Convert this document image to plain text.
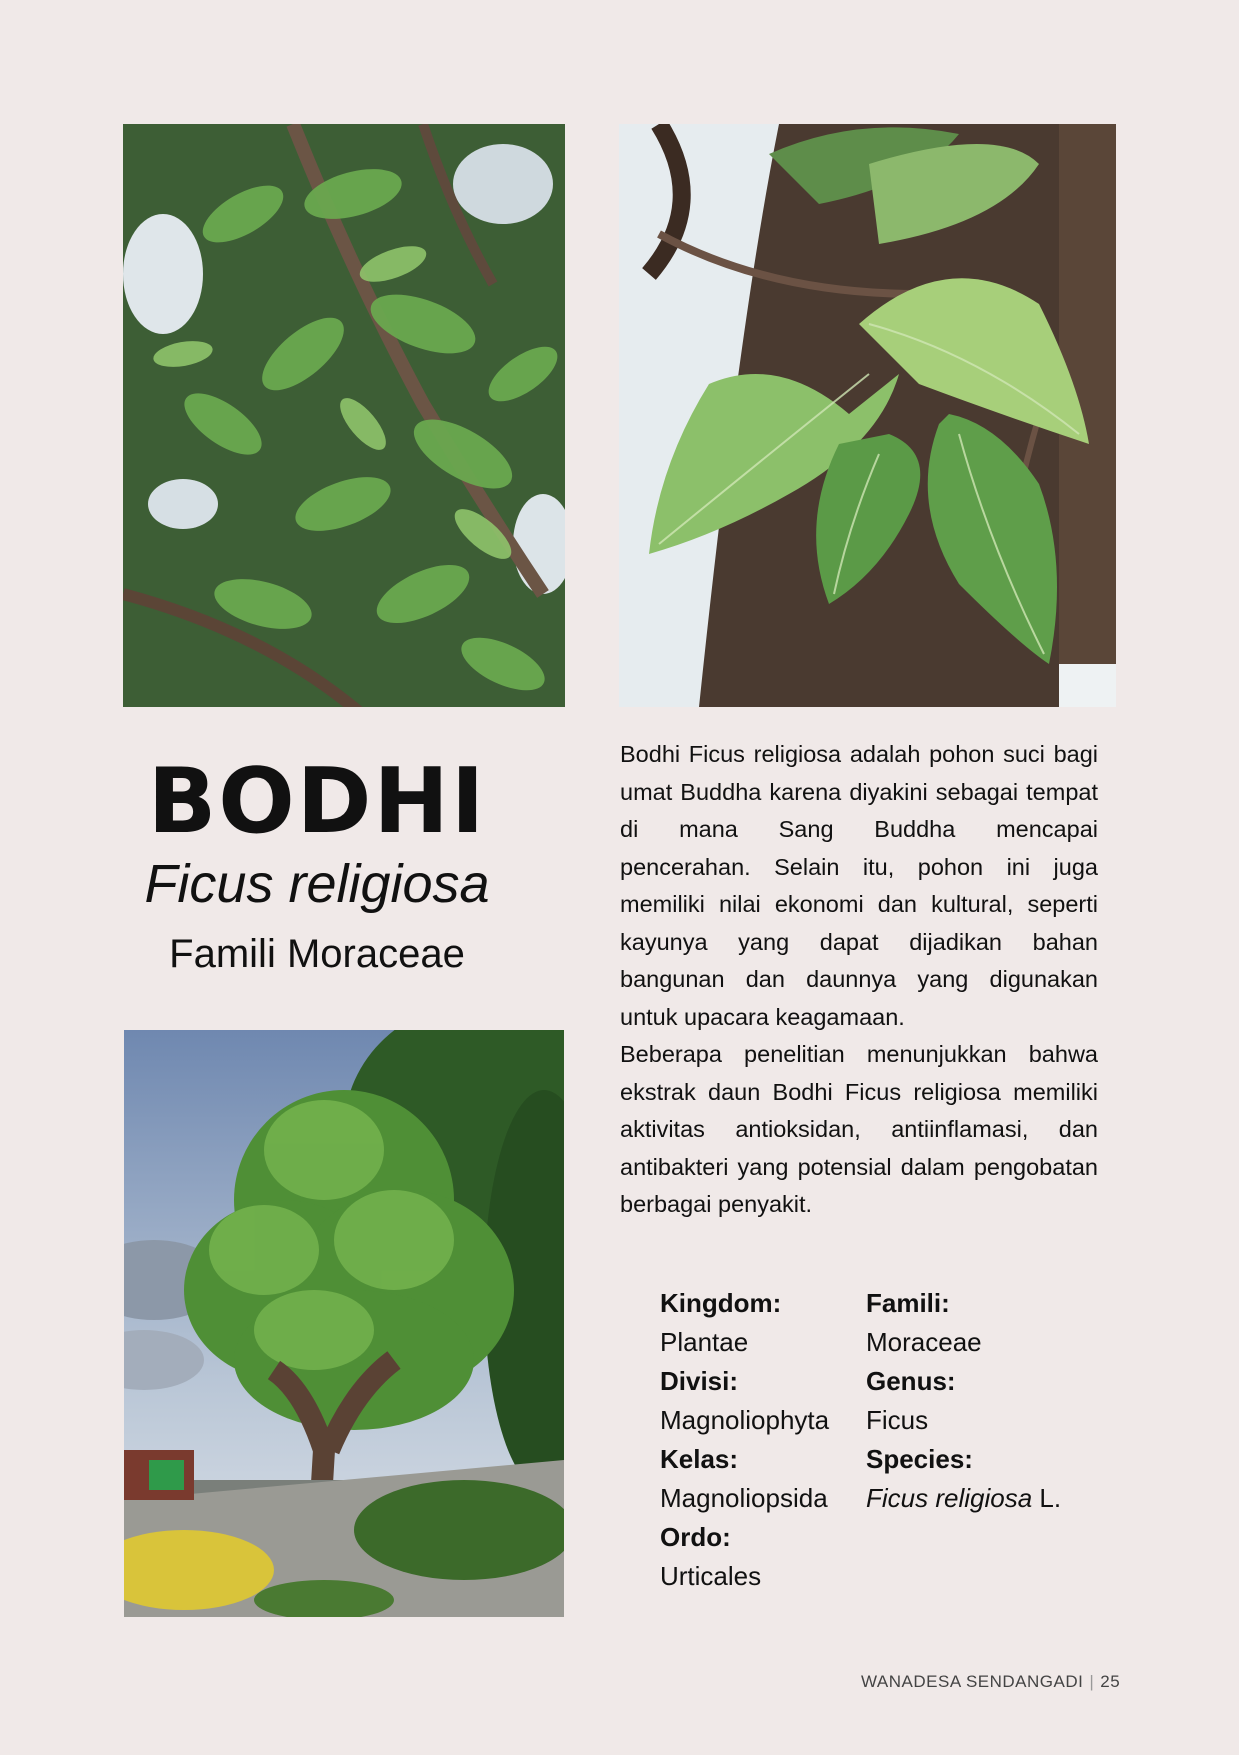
BODHI
Ficus religiosa
Famili Moraceae

Bodhi Ficus religiosa adalah pohon suci bagi umat Buddha karena diyakini sebagai tempat di mana Sang Buddha mencapai pencerahan. Selain itu, pohon ini juga memiliki nilai ekonomi dan kultural, seperti kayunya yang dapat dijadikan bahan bangunan dan daunnya yang digunakan untuk upacara keagamaan.

Beberapa penelitian menunjukkan bahwa ekstrak daun Bodhi Ficus religiosa memiliki aktivitas antioksidan, antiinflamasi, dan antibakteri yang potensial dalam pengobatan berbagai penyakit.

Kingdom:
Plantae
Divisi:
Magnoliophyta
Kelas:
Magnoliopsida
Ordo:
Urticales
Famili:
Moraceae
Genus:
Ficus
Species:
Ficus religiosa L.
WANADESA SENDANGADI | 25
